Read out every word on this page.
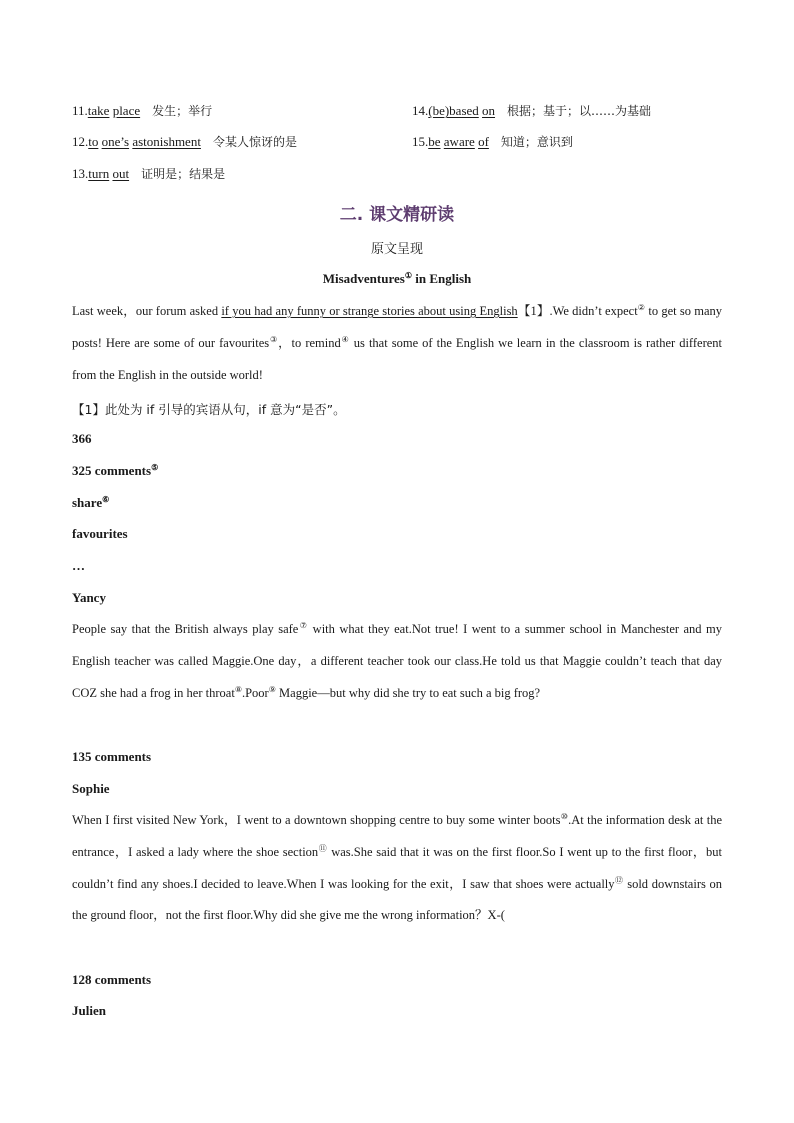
11.take place 发生；举行
12.to one’s astonishment 令某人惊讶的是
13.turn out 证明是；结果是
14.(be)based on 根据；基于；以……为基础
15.be aware of 知道；意识到
二. 课文精研读
原文呈现
Misadventures① in English
Last week，our forum asked if you had any funny or strange stories about using English【1】.We didn’t expect② to get so many posts! Here are some of our favourites③，to remind④ us that some of the English we learn in the classroom is rather different from the English in the outside world!
【1】此处为 if 引导的宾语从句，if 意为“是否”。
366
325 comments⑤
share⑥
favourites
…
Yancy
People say that the British always play safe⑦ with what they eat.Not true! I went to a summer school in Manchester and my English teacher was called Maggie.One day，a different teacher took our class.He told us that Maggie couldn’t teach that day COZ she had a frog in her throat⑧.Poor⑨ Maggie—but why did she try to eat such a big frog?
135 comments
Sophie
When I first visited New York，I went to a downtown shopping centre to buy some winter boots⑩.At the information desk at the entrance，I asked a lady where the shoe section⑪ was.She said that it was on the first floor.So I went up to the first floor，but couldn’t find any shoes.I decided to leave.When I was looking for the exit，I saw that shoes were actually⑫ sold downstairs on the ground floor，not the first floor.Why did she give me the wrong information？X-(
128 comments
Julien
